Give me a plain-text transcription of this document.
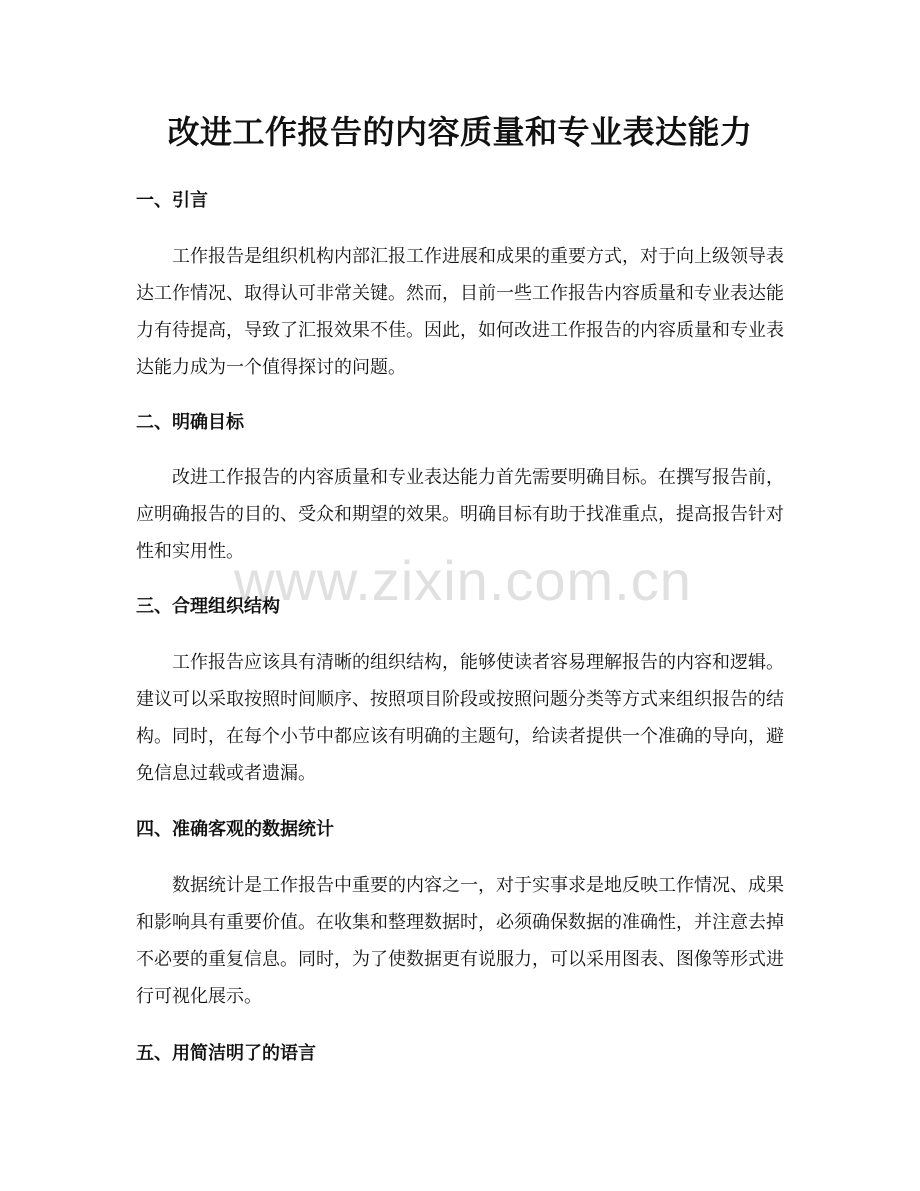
改进工作报告的内容质量和专业表达能力
一、引言

工作报告是组织机构内部汇报工作进展和成果的重要方式，对于向上级领导表达工作情况、取得认可非常关键。然而，目前一些工作报告内容质量和专业表达能力有待提高，导致了汇报效果不佳。因此，如何改进工作报告的内容质量和专业表达能力成为一个值得探讨的问题。

二、明确目标

改进工作报告的内容质量和专业表达能力首先需要明确目标。在撰写报告前，应明确报告的目的、受众和期望的效果。明确目标有助于找准重点，提高报告针对性和实用性。

三、合理组织结构

工作报告应该具有清晰的组织结构，能够使读者容易理解报告的内容和逻辑。建议可以采取按照时间顺序、按照项目阶段或按照问题分类等方式来组织报告的结构。同时，在每个小节中都应该有明确的主题句，给读者提供一个准确的导向，避免信息过载或者遗漏。

四、准确客观的数据统计

数据统计是工作报告中重要的内容之一，对于实事求是地反映工作情况、成果和影响具有重要价值。在收集和整理数据时，必须确保数据的准确性，并注意去掉不必要的重复信息。同时，为了使数据更有说服力，可以采用图表、图像等形式进行可视化展示。

五、用简洁明了的语言
www.zixin.com.cn
